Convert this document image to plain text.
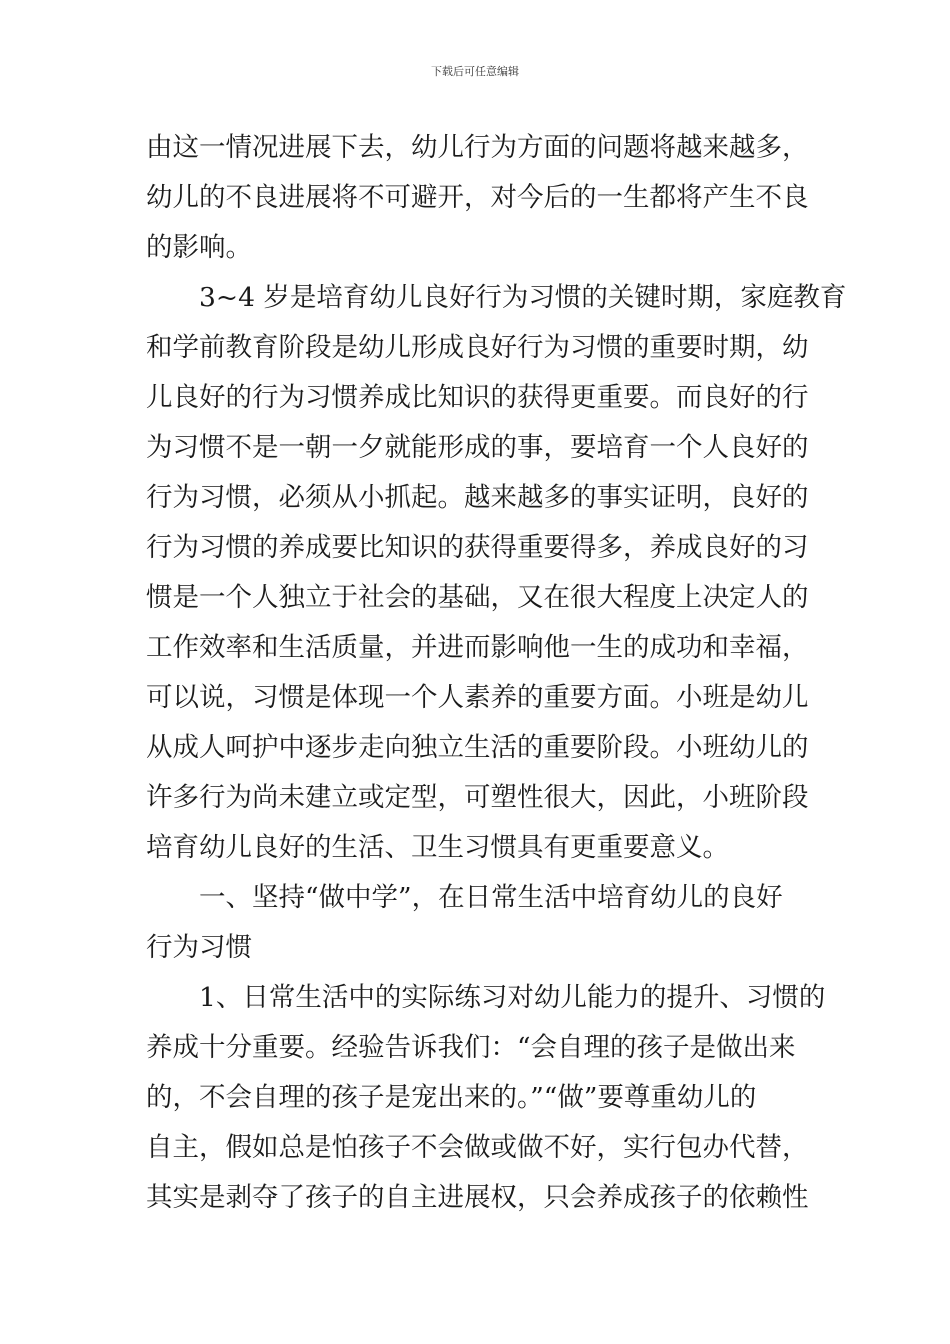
下载后可任意编辑
由这一情况进展下去，幼儿行为方面的问题将越来越多，
幼儿的不良进展将不可避开，对今后的一生都将产生不良
的影响。
　　3~4 岁是培育幼儿良好行为习惯的关键时期，家庭教育
和学前教育阶段是幼儿形成良好行为习惯的重要时期，幼
儿良好的行为习惯养成比知识的获得更重要。而良好的行
为习惯不是一朝一夕就能形成的事，要培育一个人良好的
行为习惯，必须从小抓起。越来越多的事实证明，良好的
行为习惯的养成要比知识的获得重要得多，养成良好的习
惯是一个人独立于社会的基础，又在很大程度上决定人的
工作效率和生活质量，并进而影响他一生的成功和幸福，
可以说，习惯是体现一个人素养的重要方面。小班是幼儿
从成人呵护中逐步走向独立生活的重要阶段。小班幼儿的
许多行为尚未建立或定型，可塑性很大，因此，小班阶段
培育幼儿良好的生活、卫生习惯具有更重要意义。
　　一、坚持“做中学”，在日常生活中培育幼儿的良好
行为习惯
　　1、日常生活中的实际练习对幼儿能力的提升、习惯的
养成十分重要。经验告诉我们：“会自理的孩子是做出来
的，不会自理的孩子是宠出来的。”“做”要尊重幼儿的
自主，假如总是怕孩子不会做或做不好，实行包办代替，
其实是剥夺了孩子的自主进展权，只会养成孩子的依赖性
